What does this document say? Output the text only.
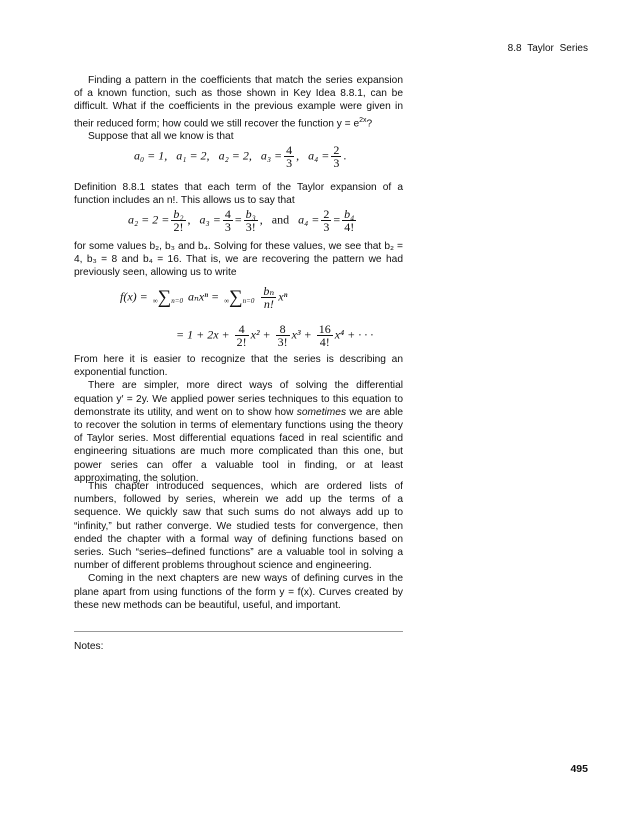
8.8 Taylor Series

Finding a pattern in the coefficients that match the series expansion of a known function, such as those shown in Key Idea 8.8.1, can be difficult. What if the coefficients in the previous example were given in their reduced form; how could we still recover the function $y = e^{2x}$?

Suppose that all we know is that

a₀ = 1, a₁ = 2, a₂ = 2, $a_3 = \frac{4}{3}$ ,   $a_4 = \frac{2}{3}$ .

Definition 8.8.1 states that each term of the Taylor expansion of a function includes an n!. This allows us to say that

$a_2 = 2 = \frac{\text{b₂}}{2!}$ ,   $a_3 = \frac{4}{3} = \frac{\text{b₃}}{3!}$ ,   and $a_4 = \frac{2}{3} = \frac{\text{b₄}}{4!}$

for some values b₂, b₃ and b₄. Solving for these values, we see that b₂ = 4, b₃ = 8 and b₄ = 16. That is, we are recovering the pattern we had previously seen, allowing us to write

f(x) = ∞∑n=0 $a_nx^n = \infty\sum n=0 \frac{\text{bₙ}}{n!}$ xⁿ
= $1 + 2x + \frac{4}{2!} x^2 + \frac{8}{3!} x^3 + \frac{16}{4!} x^4$ + · · ·

From here it is easier to recognize that the series is describing an exponential function.

There are simpler, more direct ways of solving the differential equation y′ = 2y. We applied power series techniques to this equation to demonstrate its utility, and went on to show how sometimes we are able to recover the solution in terms of elementary functions using the theory of Taylor series. Most differential equations faced in real scientific and engineering situations are much more complicated than this one, but power series can offer a valuable tool in finding, or at least approximating, the solution.

This chapter introduced sequences, which are ordered lists of numbers, followed by series, wherein we add up the terms of a sequence. We quickly saw that such sums do not always add up to “infinity,” but rather converge. We studied tests for convergence, then ended the chapter with a formal way of defining functions based on series. Such “series–defined functions” are a valuable tool in solving a number of different problems throughout science and engineering.

Coming in the next chapters are new ways of defining curves in the plane apart from using functions of the form y = f(x). Curves created by these new methods can be beautiful, useful, and important.

Notes:
495
